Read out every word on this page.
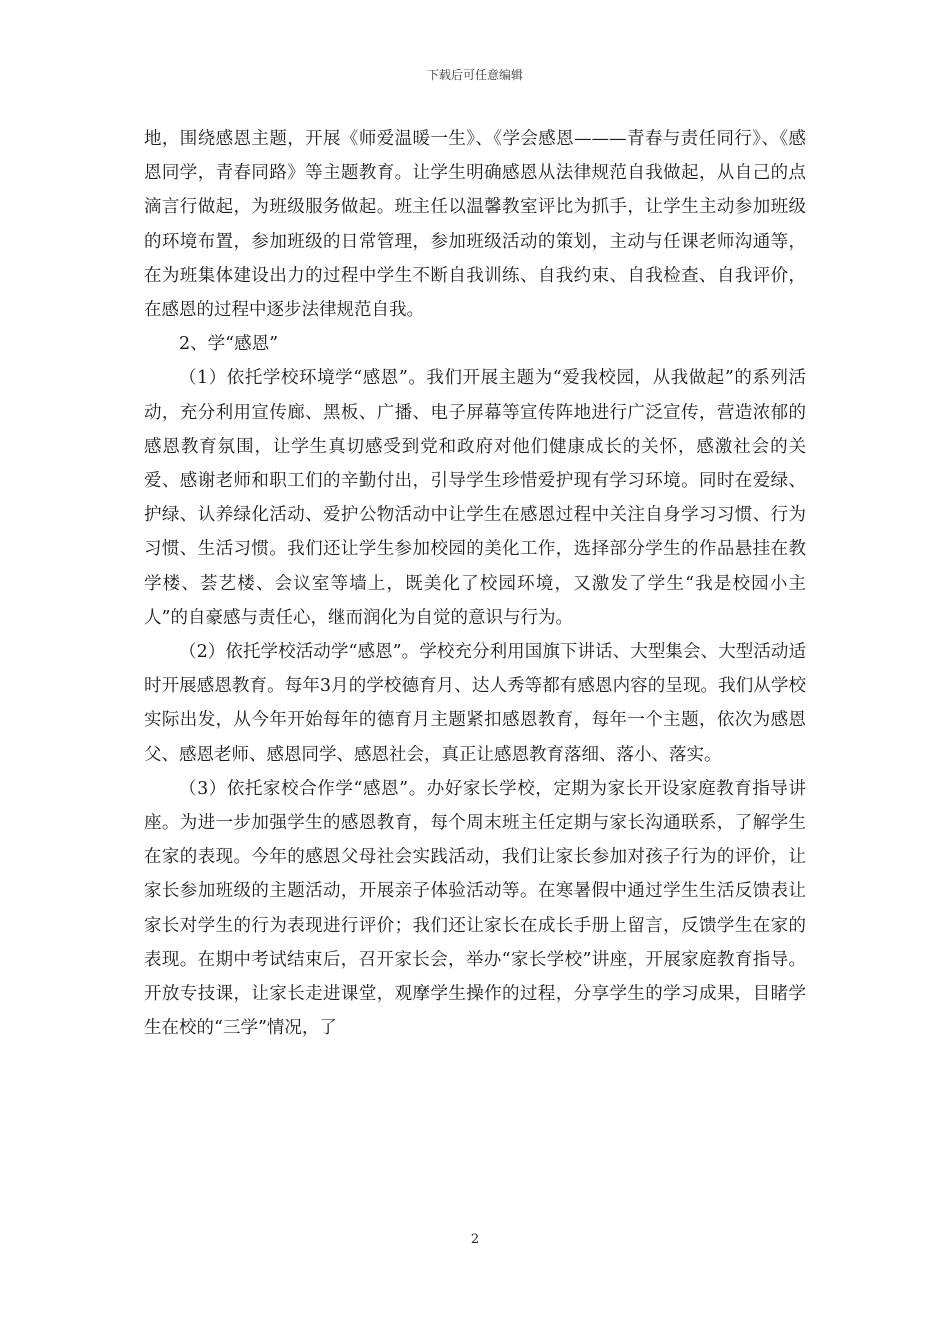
下载后可任意编辑

地，围绕感恩主题，开展《师爱温暖一生》、《学会感恩———青春与责任同行》、《感恩同学，青春同路》等主题教育。让学生明确感恩从法律规范自我做起，从自己的点滴言行做起，为班级服务做起。班主任以温馨教室评比为抓手，让学生主动参加班级的环境布置，参加班级的日常管理，参加班级活动的策划，主动与任课老师沟通等，在为班集体建设出力的过程中学生不断自我训练、自我约束、自我检查、自我评价，在感恩的过程中逐步法律规范自我。

2、学“感恩”

（1）依托学校环境学“感恩”。我们开展主题为“爱我校园，从我做起”的系列活动，充分利用宣传廊、黑板、广播、电子屏幕等宣传阵地进行广泛宣传，营造浓郁的感恩教育氛围，让学生真切感受到党和政府对他们健康成长的关怀，感激社会的关爱、感谢老师和职工们的辛勤付出，引导学生珍惜爱护现有学习环境。同时在爱绿、护绿、认养绿化活动、爱护公物活动中让学生在感恩过程中关注自身学习习惯、行为习惯、生活习惯。我们还让学生参加校园的美化工作，选择部分学生的作品悬挂在教学楼、荟艺楼、会议室等墙上，既美化了校园环境，又激发了学生“我是校园小主人”的自豪感与责任心，继而润化为自觉的意识与行为。

（2）依托学校活动学“感恩”。学校充分利用国旗下讲话、大型集会、大型活动适时开展感恩教育。每年3月的学校德育月、达人秀等都有感恩内容的呈现。我们从学校实际出发，从今年开始每年的德育月主题紧扣感恩教育，每年一个主题，依次为感恩父、感恩老师、感恩同学、感恩社会，真正让感恩教育落细、落小、落实。

（3）依托家校合作学“感恩”。办好家长学校，定期为家长开设家庭教育指导讲座。为进一步加强学生的感恩教育，每个周末班主任定期与家长沟通联系，了解学生在家的表现。今年的感恩父母社会实践活动，我们让家长参加对孩子行为的评价，让家长参加班级的主题活动，开展亲子体验活动等。在寒暑假中通过学生生活反馈表让家长对学生的行为表现进行评价；我们还让家长在成长手册上留言，反馈学生在家的表现。在期中考试结束后，召开家长会，举办“家长学校”讲座，开展家庭教育指导。开放专技课，让家长走进课堂，观摩学生操作的过程，分享学生的学习成果，目睹学生在校的“三学”情况，了

2
